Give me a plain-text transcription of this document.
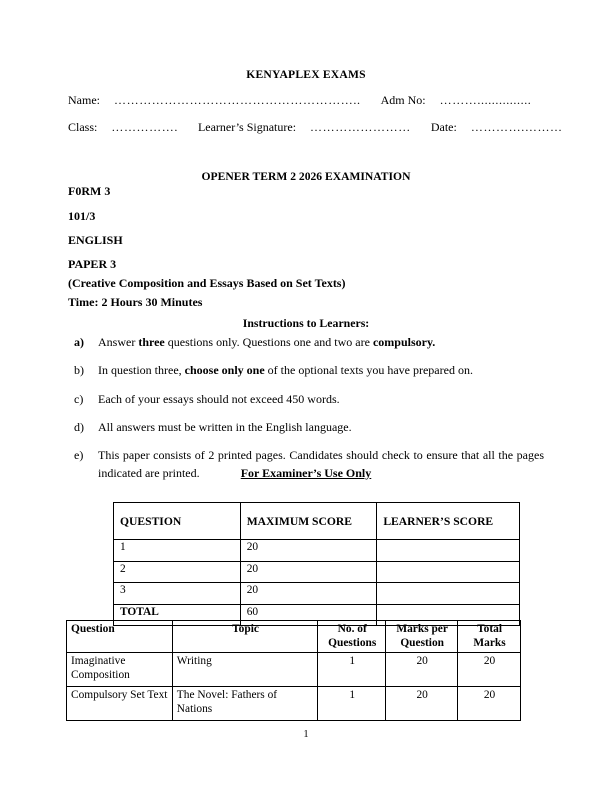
KENYAPLEX EXAMS
Name: ………………………………………………….. Adm No: ………...............
Class: ……………. Learner’s Signature: …………………… Date: ………….………
OPENER TERM 2 2026 EXAMINATION
F0RM 3
101/3
ENGLISH
PAPER 3
(Creative Composition and Essays Based on Set Texts)
Time: 2 Hours 30 Minutes
Instructions to Learners:
a) Answer three questions only. Questions one and two are compulsory.
b) In question three, choose only one of the optional texts you have prepared on.
c) Each of your essays should not exceed 450 words.
d) All answers must be written in the English language.
e) This paper consists of 2 printed pages. Candidates should check to ensure that all the pages indicated are printed.	For Examiner’s Use Only
QUESTION	MAXIMUM SCORE	LEARNER’S SCORE
1	20	
2	20	
3	20	
TOTAL	60	
Question	Topic	No. of Questions	Marks per Question	Total Marks
Imaginative Composition	Writing	1	20	20
Compulsory Set Text	The Novel: Fathers of Nations	1	20	20
1
